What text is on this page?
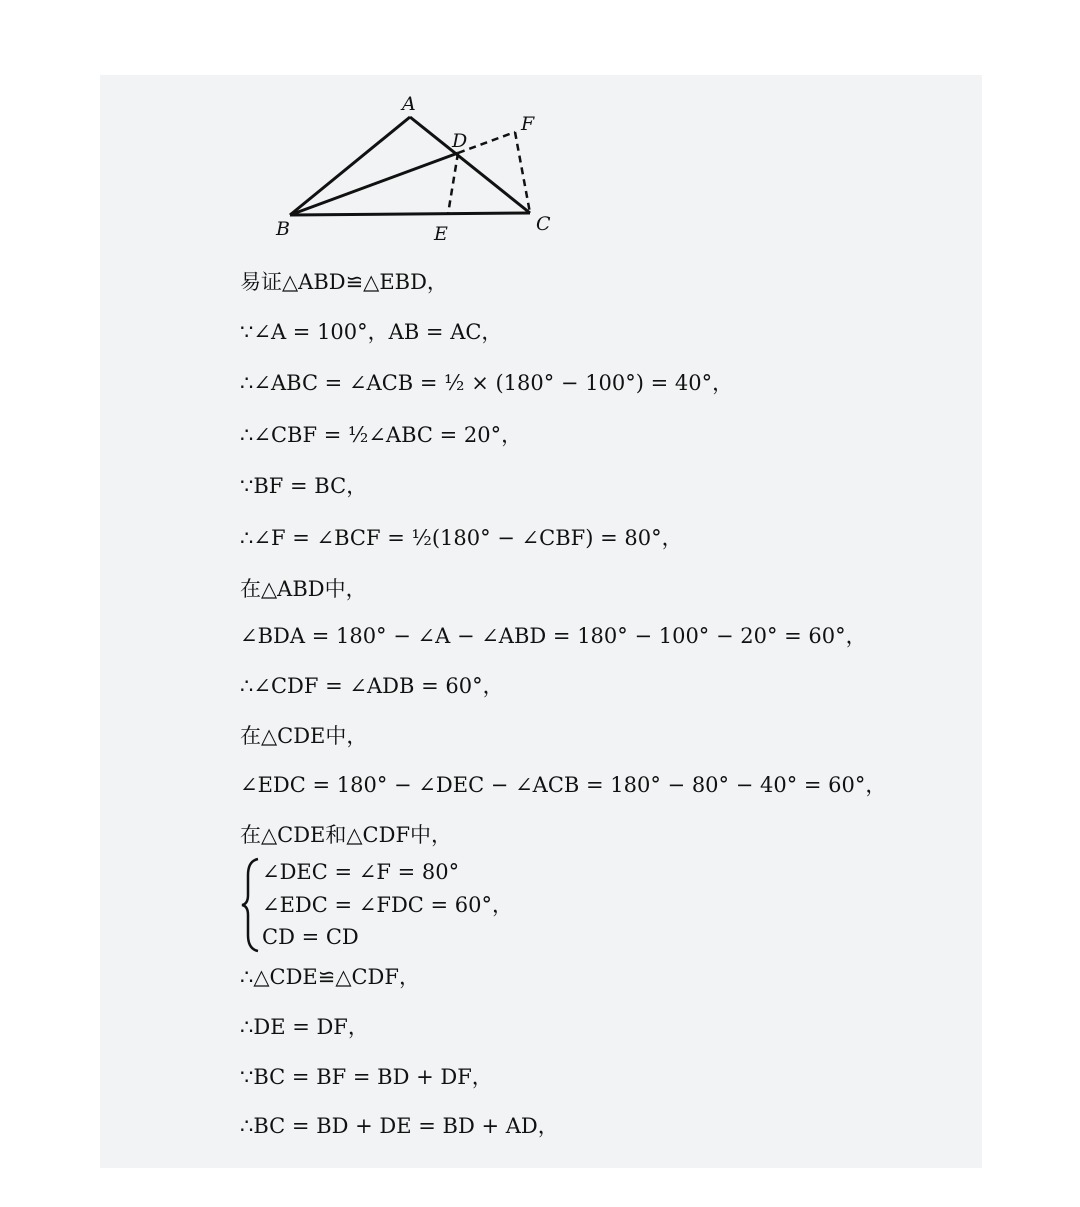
A
B	C
D
E
F
易证△ABD≌△EBD，
∵∠A = 100°，AB = AC，
∴∠ABC = ∠ACB = ½ × (180° − 100°) = 40°，
∴∠CBF = ½∠ABC = 20°，
∵BF = BC，
∴∠F = ∠BCF = ½(180° − ∠CBF) = 80°，
在△ABD中，
∠BDA = 180° − ∠A − ∠ABD = 180° − 100° − 20° = 60°，
∴∠CDF = ∠ADB = 60°，
在△CDE中，
∠EDC = 180° − ∠DEC − ∠ACB = 180° − 80° − 40° = 60°，
在△CDE和△CDF中，
∠DEC = ∠F = 80°
∠EDC = ∠FDC = 60°，
CD = CD
∴△CDE≌△CDF，
∴DE = DF，
∵BC = BF = BD + DF，
∴BC = BD + DE = BD + AD，
